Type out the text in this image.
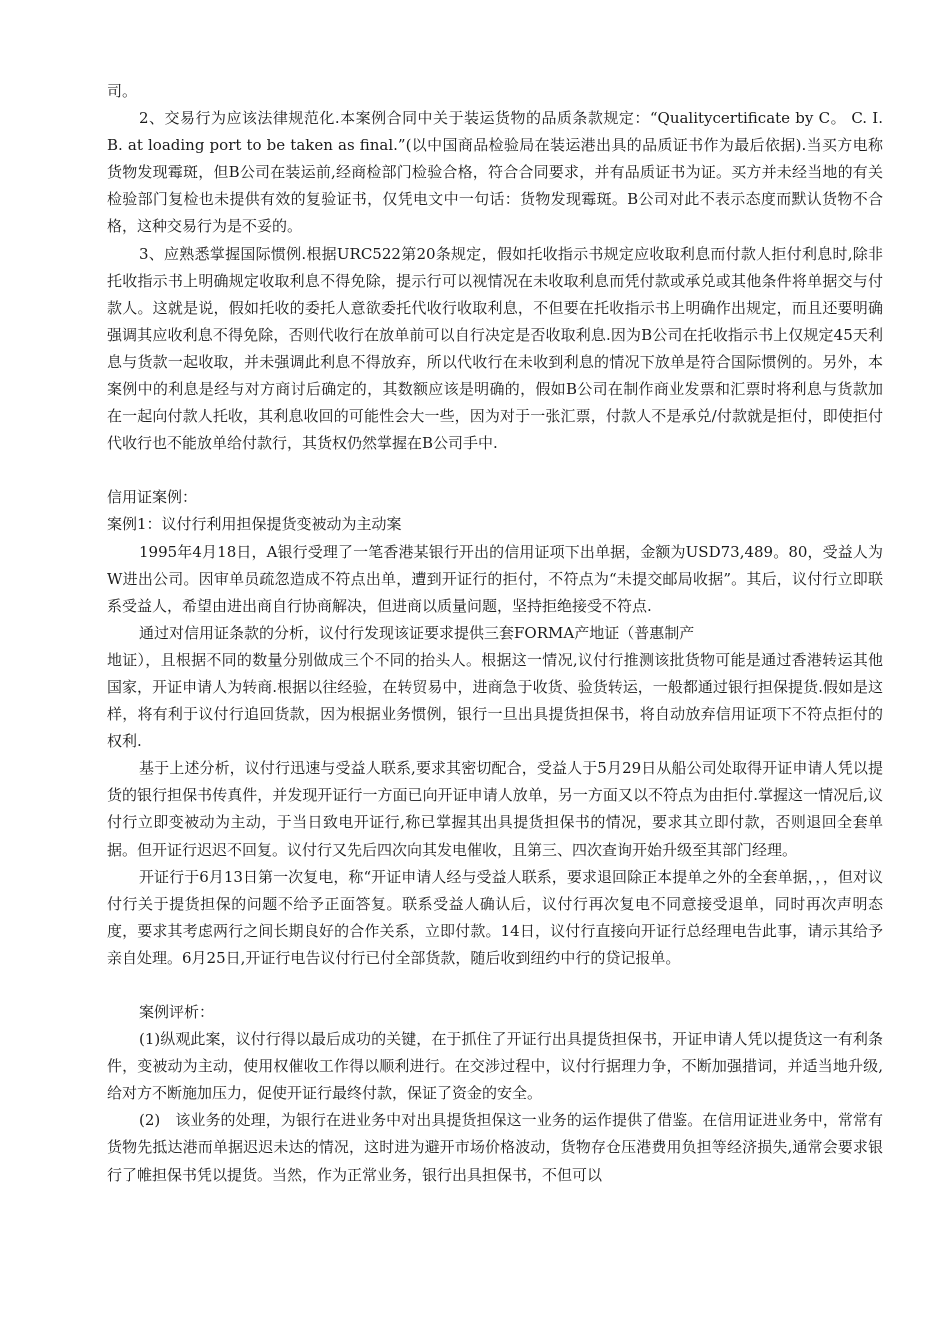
司。

2、交易行为应该法律规范化.本案例合同中关于装运货物的品质条款规定：“Qualitycertificate by C。 C. I. B. at loading port to be taken as final.”(以中国商品检验局在装运港出具的品质证书作为最后依据).当买方电称货物发现霉斑，但B公司在装运前,经商检部门检验合格，符合合同要求，并有品质证书为证。买方并未经当地的有关检验部门复检也未提供有效的复验证书，仅凭电文中一句话：货物发现霉斑。B公司对此不表示态度而默认货物不合格，这种交易行为是不妥的。

3、应熟悉掌握国际惯例.根据URC522第20条规定，假如托收指示书规定应收取利息而付款人拒付利息时,除非托收指示书上明确规定收取利息不得免除，提示行可以视情况在未收取利息而凭付款或承兑或其他条件将单据交与付款人。这就是说，假如托收的委托人意欲委托代收行收取利息，不但要在托收指示书上明确作出规定，而且还要明确强调其应收利息不得免除，否则代收行在放单前可以自行决定是否收取利息.因为B公司在托收指示书上仅规定45天利息与货款一起收取，并未强调此利息不得放弃，所以代收行在未收到利息的情况下放单是符合国际惯例的。另外，本案例中的利息是经与对方商讨后确定的，其数额应该是明确的，假如B公司在制作商业发票和汇票时将利息与货款加在一起向付款人托收，其利息收回的可能性会大一些，因为对于一张汇票，付款人不是承兑/付款就是拒付，即使拒付代收行也不能放单给付款行，其货权仍然掌握在B公司手中.

信用证案例：

案例1：议付行利用担保提货变被动为主动案

1995年4月18日，A银行受理了一笔香港某银行开出的信用证项下出单据，金额为USD73,489。80，受益人为W进出公司。因审单员疏忽造成不符点出单，遭到开证行的拒付，不符点为“未提交邮局收据”。其后，议付行立即联系受益人，希望由进出商自行协商解决，但进商以质量问题，坚持拒绝接受不符点.

通过对信用证条款的分析，议付行发现该证要求提供三套FORMA产地证（普惠制产

地证），且根据不同的数量分别做成三个不同的抬头人。根据这一情况,议付行推测该批货物可能是通过香港转运其他国家，开证申请人为转商.根据以往经验，在转贸易中，进商急于收货、验货转运，一般都通过银行担保提货.假如是这样，将有利于议付行追回货款，因为根据业务惯例，银行一旦出具提货担保书，将自动放弃信用证项下不符点拒付的权利.

基于上述分析，议付行迅速与受益人联系,要求其密切配合，受益人于5月29日从船公司处取得开证申请人凭以提货的银行担保书传真件，并发现开证行一方面已向开证申请人放单，另一方面又以不符点为由拒付.掌握这一情况后,议付行立即变被动为主动，于当日致电开证行,称已掌握其出具提货担保书的情况，要求其立即付款，否则退回全套单据。但开证行迟迟不回复。议付行又先后四次向其发电催收，且第三、四次查询开始升级至其部门经理。

开证行于6月13日第一次复电，称“开证申请人经与受益人联系，要求退回除正本提单之外的全套单据，，，但对议付行关于提货担保的问题不给予正面答复。联系受益人确认后，议付行再次复电不同意接受退单，同时再次声明态度，要求其考虑两行之间长期良好的合作关系，立即付款。14日，议付行直接向开证行总经理电告此事，请示其给予亲自处理。6月25日,开证行电告议付行已付全部货款，随后收到纽约中行的贷记报单。

案例评析：

(1)纵观此案，议付行得以最后成功的关键，在于抓住了开证行出具提货担保书，开证申请人凭以提货这一有利条件，变被动为主动，使用权催收工作得以顺利进行。在交涉过程中，议付行据理力争，不断加强措词，并适当地升级,给对方不断施加压力，促使开证行最终付款，保证了资金的安全。

(2)　该业务的处理，为银行在进业务中对出具提货担保这一业务的运作提供了借鉴。在信用证进业务中，常常有货物先抵达港而单据迟迟未达的情况，这时进为避开市场价格波动，货物存仓压港费用负担等经济损失,通常会要求银行了帷担保书凭以提货。当然，作为正常业务，银行出具担保书，不但可以
